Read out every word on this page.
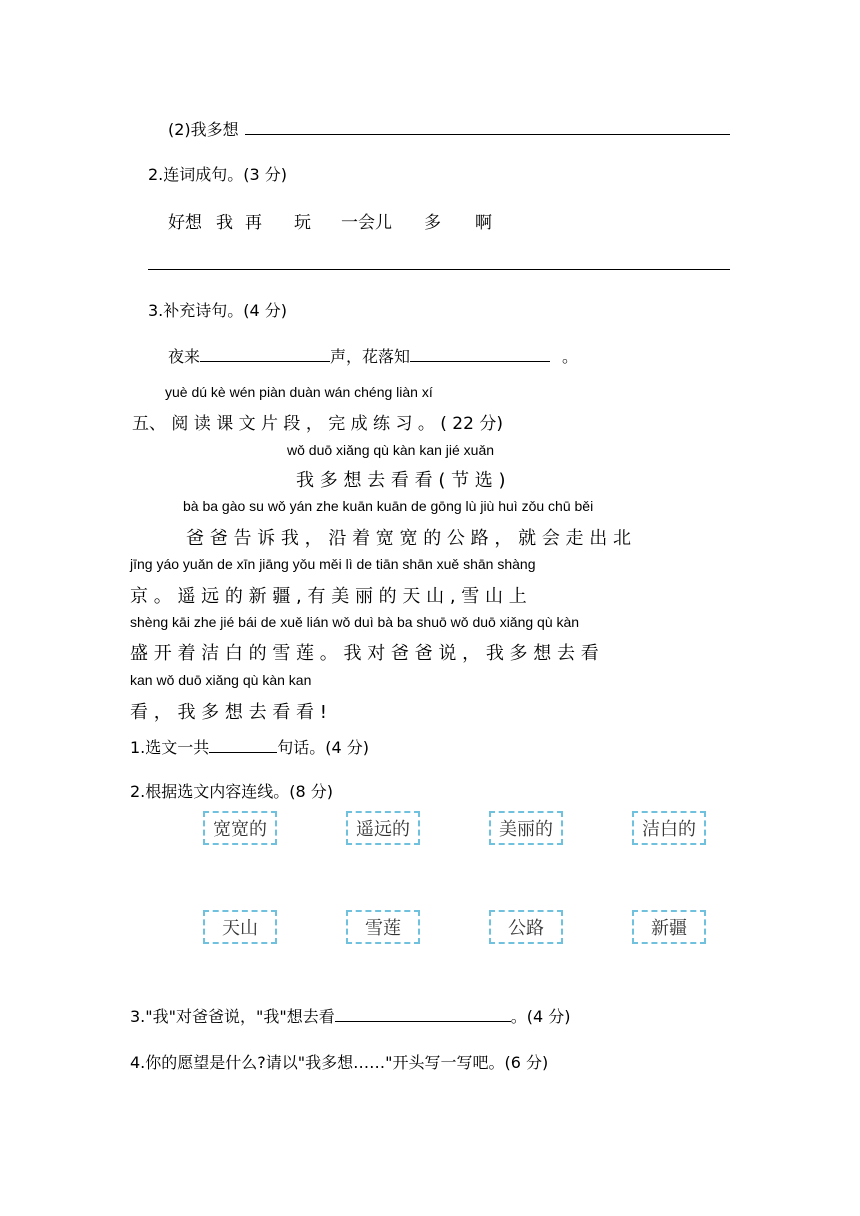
(2)我多想
2.连词成句。(3 分)
好想 我 再 玩 一会儿 多 啊
3.补充诗句。(4 分)
夜来	声，花落知	。
yuè dú kè wén piàn duàn wán chéng liàn xí
五、 阅 读 课 文 片 段 ， 完 成 练 习 。 ( 22 分)
wǒ duō xiǎng qù kàn kan jié xuǎn
我 多 想 去 看 看 ( 节 选 )
bà ba gào su wǒ yán zhe kuān kuān de gōng lù jiù huì zǒu chū běi
爸 爸 告 诉 我 ， 沿 着 宽 宽 的 公 路 ， 就 会 走 出 北
jīng yáo yuǎn de xīn jiāng yǒu měi lì de tiān shān xuě shān shàng
京 。 遥 远 的 新 疆 , 有 美 丽 的 天 山 , 雪 山 上
shèng kāi zhe jié bái de xuě lián wǒ duì bà ba shuō wǒ duō xiǎng qù kàn
盛 开 着 洁 白 的 雪 莲 。 我 对 爸 爸 说 ， 我 多 想 去 看
kan wǒ duō xiǎng qù kàn kan
看 ， 我 多 想 去 看 看 !
1.选文一共	句话。(4 分)
2.根据选文内容连线。(8 分)
宽宽的	遥远的	美丽的	洁白的
天山	雪莲	公路	新疆
3."我"对爸爸说，"我"想去看	。(4 分)
4.你的愿望是什么?请以"我多想……"开头写一写吧。(6 分)
